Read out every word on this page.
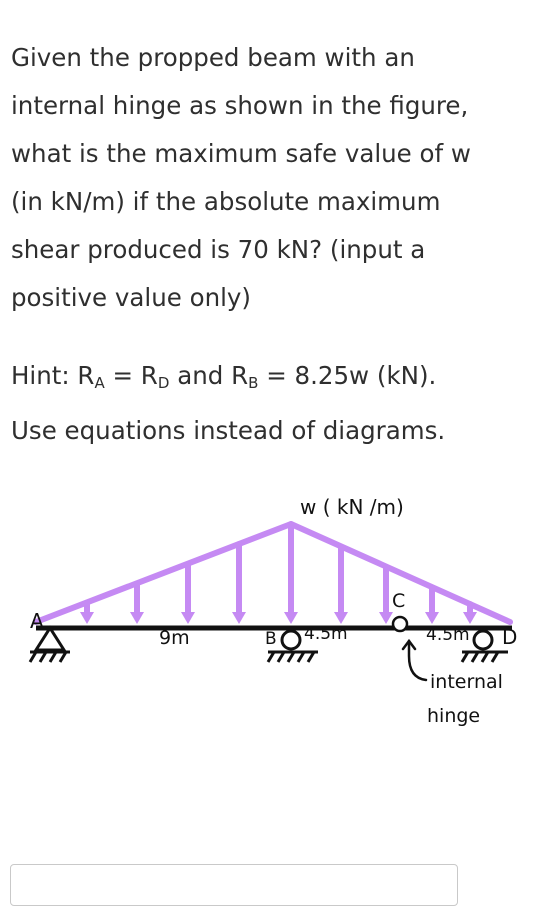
Given the propped beam with an

internal hinge as shown in the figure,

what is the maximum safe value of w

(in kN/m) if the absolute maximum

shear produced is 70 kN? (input a

positive value only)

Hint: $R_A = R_D$ and $R_B = 8.25w$ (kN).

Use equations instead of diagrams.

w ( kN /m)
A
B
C
D
9m	4.5m	4.5m
internal
hinge
